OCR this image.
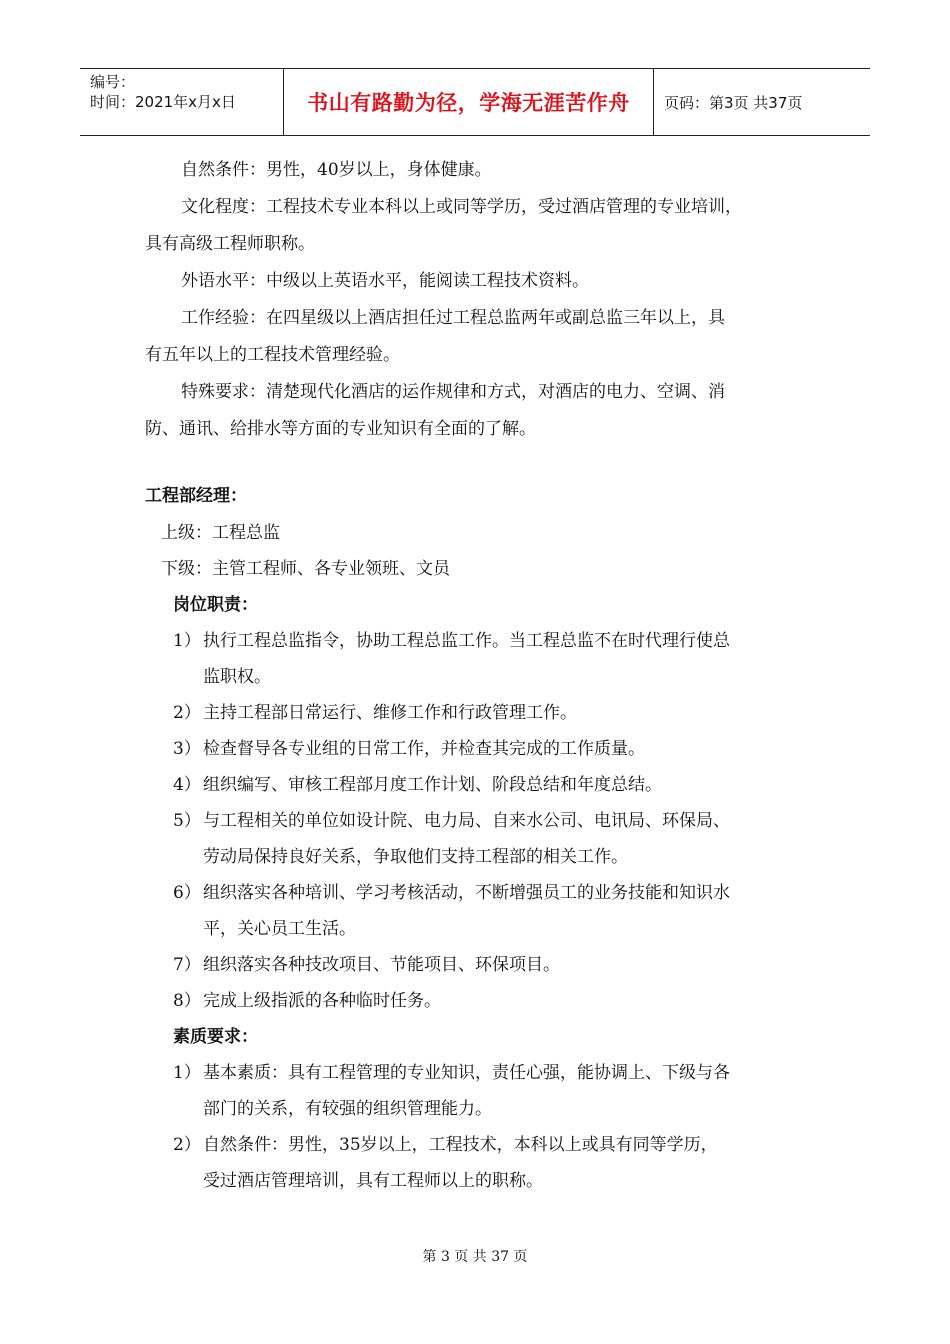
编号：
时间：2021年x月x日	书山有路勤为径，学海无涯苦作舟	页码：第3页 共37页
自然条件：男性，40岁以上，身体健康。
文化程度：工程技术专业本科以上或同等学历，受过酒店管理的专业培训，
具有高级工程师职称。
外语水平：中级以上英语水平，能阅读工程技术资料。
工作经验：在四星级以上酒店担任过工程总监两年或副总监三年以上，具
有五年以上的工程技术管理经验。
特殊要求：清楚现代化酒店的运作规律和方式，对酒店的电力、空调、消
防、通讯、给排水等方面的专业知识有全面的了解。
工程部经理：
上级：工程总监
下级：主管工程师、各专业领班、文员
岗位职责：
1） 执行工程总监指令，协助工程总监工作。当工程总监不在时代理行使总
监职权。
2） 主持工程部日常运行、维修工作和行政管理工作。
3） 检查督导各专业组的日常工作，并检查其完成的工作质量。
4） 组织编写、审核工程部月度工作计划、阶段总结和年度总结。
5） 与工程相关的单位如设计院、电力局、自来水公司、电讯局、环保局、
劳动局保持良好关系，争取他们支持工程部的相关工作。
6） 组织落实各种培训、学习考核活动，不断增强员工的业务技能和知识水
平，关心员工生活。
7） 组织落实各种技改项目、节能项目、环保项目。
8） 完成上级指派的各种临时任务。
素质要求：
1） 基本素质：具有工程管理的专业知识，责任心强，能协调上、下级与各
部门的关系，有较强的组织管理能力。
2） 自然条件：男性，35岁以上，工程技术，本科以上或具有同等学历，
受过酒店管理培训，具有工程师以上的职称。
第 3 页 共 37 页
